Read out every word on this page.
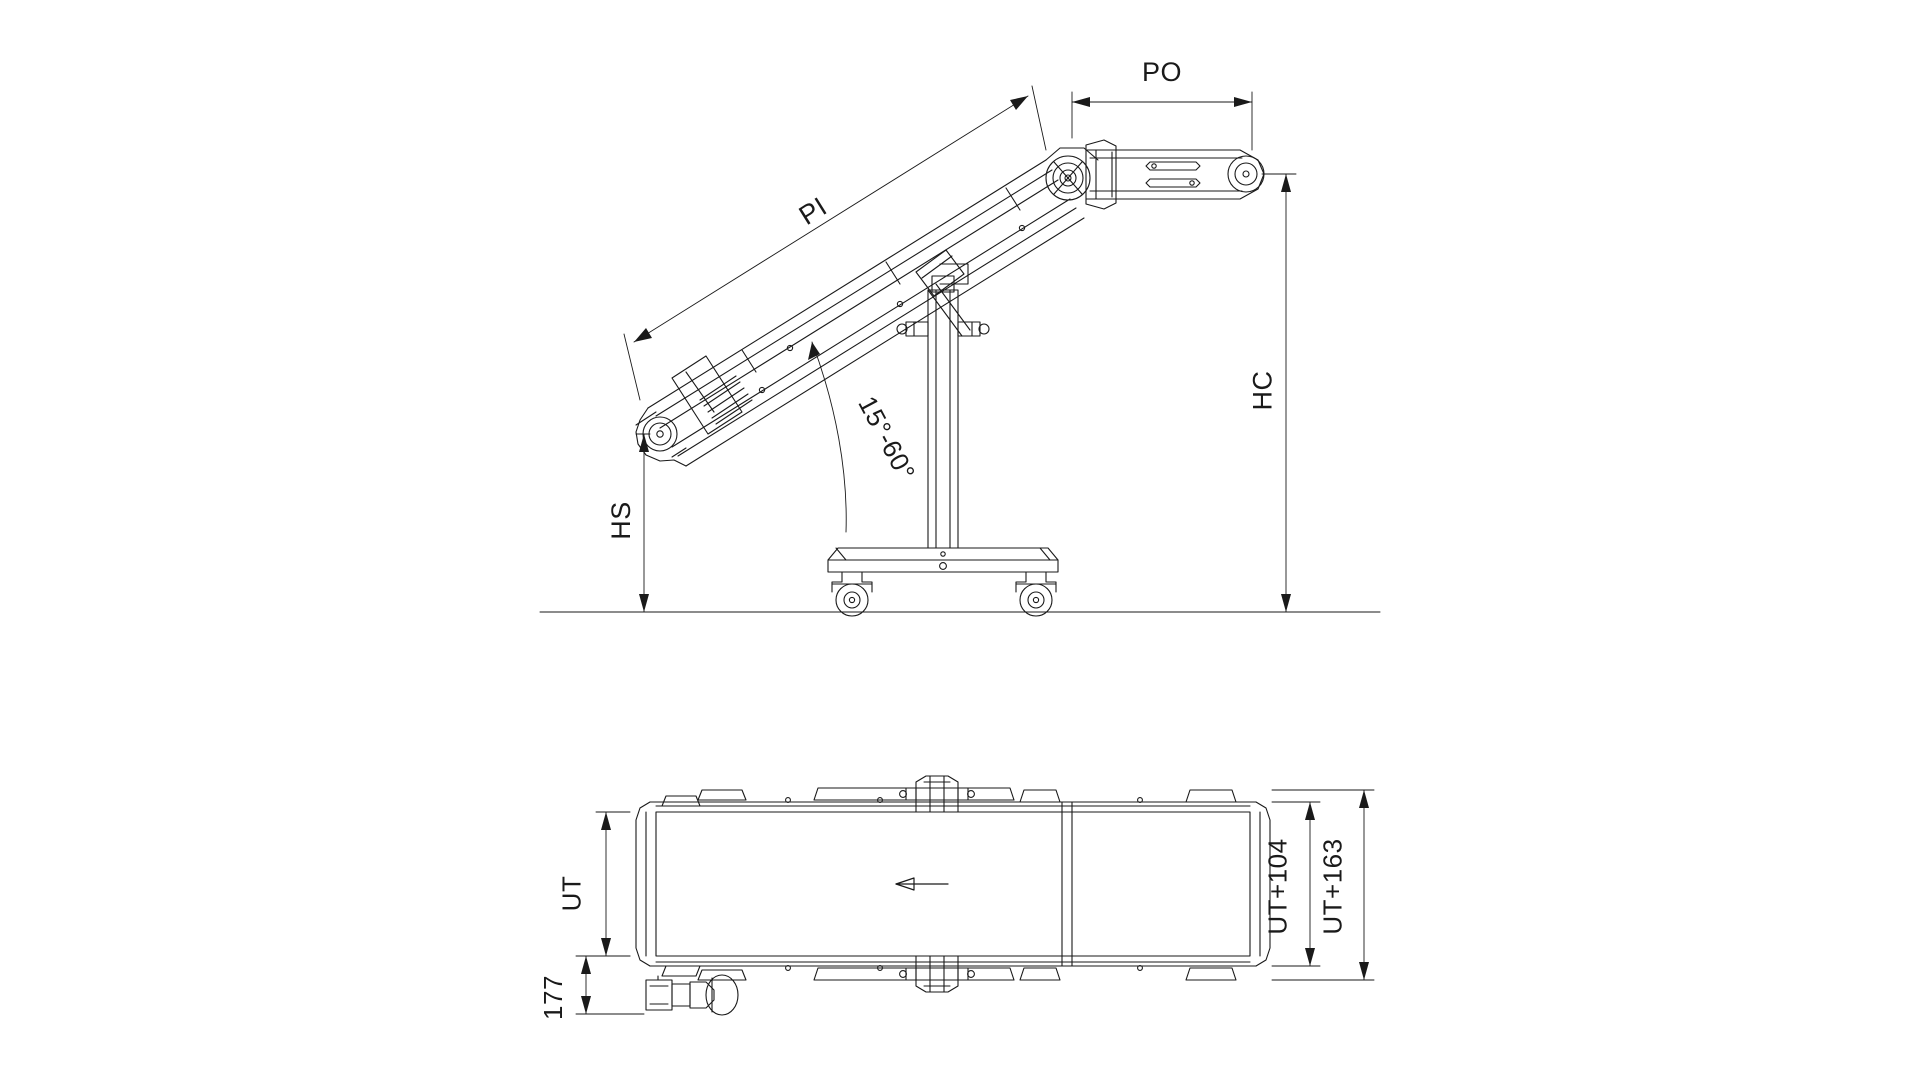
PI
PO
HC
HS
15°-60°
UT
177
UT+104 UT+163
